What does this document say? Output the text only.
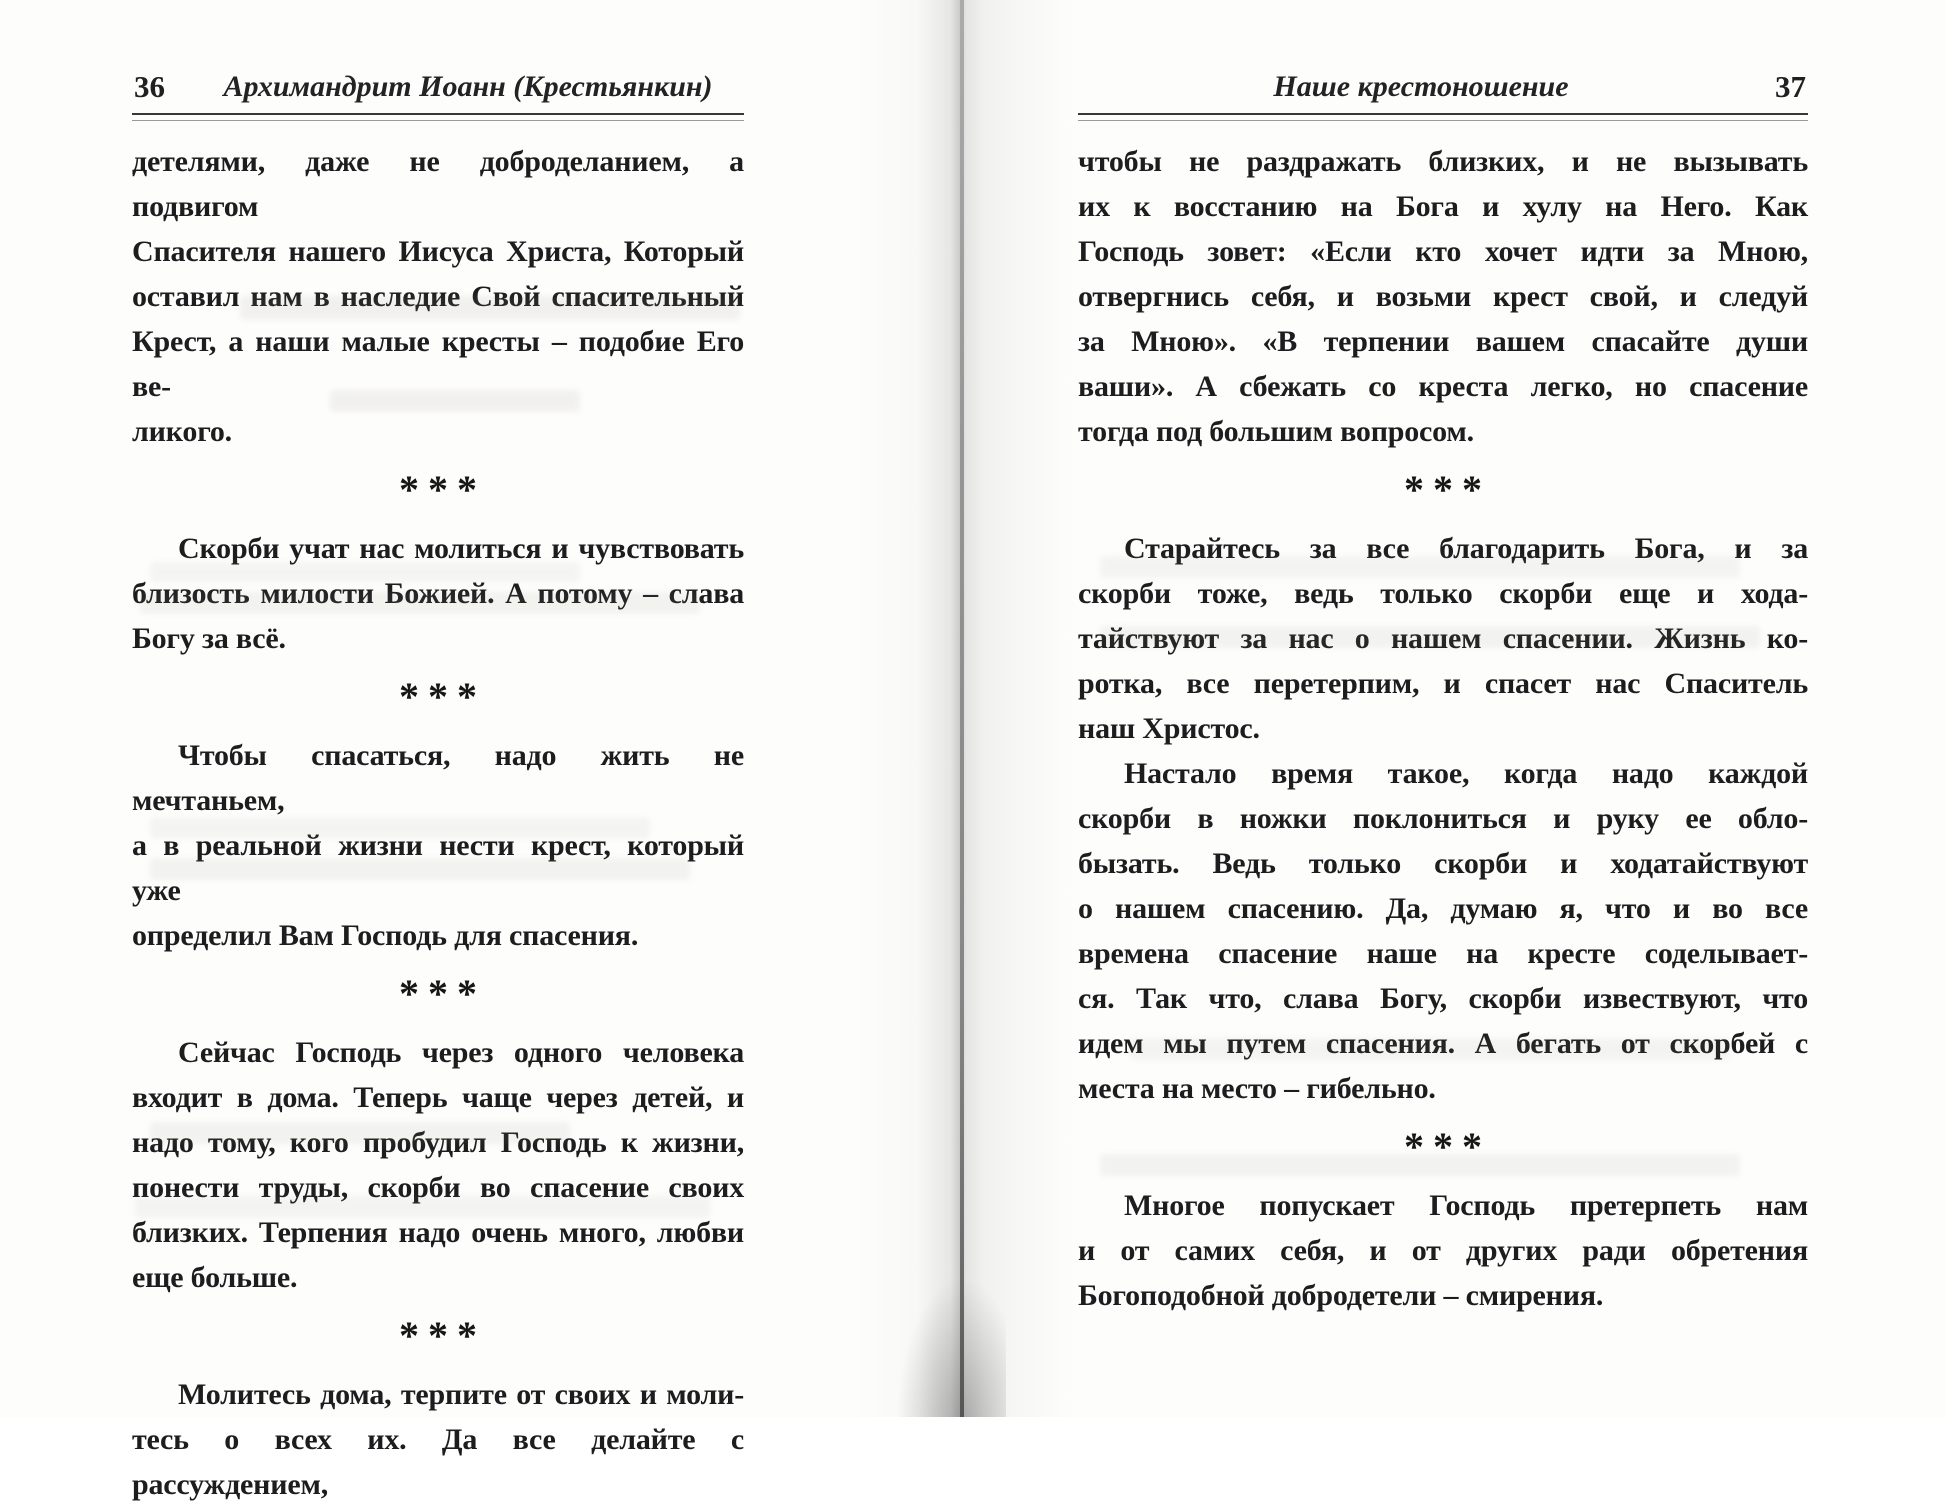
36	Архимандрит Иоанн (Крестьянкин)
детелями, даже не доброделанием, а подвигом
Спасителя нашего Иисуса Христа, Который
оставил нам в наследие Свой спасительный
Крест, а наши малые кресты – подобие Его ве-
ликого.
***
Скорби учат нас молиться и чувствовать
близость милости Божией. А потому – слава
Богу за всё.
***
Чтобы спасаться, надо жить не мечтаньем,
а в реальной жизни нести крест, который уже
определил Вам Господь для спасения.
***
Сейчас Господь через одного человека
входит в дома. Теперь чаще через детей, и
надо тому, кого пробудил Господь к жизни,
понести труды, скорби во спасение своих
близких. Терпения надо очень много, любви
еще больше.
***
Молитесь дома, терпите от своих и моли-
тесь о всех их. Да все делайте с рассуждением,
Наше крестоношение	37
чтобы не раздражать близких, и не вызывать
их к восстанию на Бога и хулу на Него. Как
Господь зовет: «Если кто хочет идти за Мною,
отвергнись себя, и возьми крест свой, и следуй
за Мною». «В терпении вашем спасайте души
ваши». А сбежать со креста легко, но спасение
тогда под большим вопросом.
***
Старайтесь за все благодарить Бога, и за
скорби тоже, ведь только скорби еще и хода-
тайствуют за нас о нашем спасении. Жизнь ко-
ротка, все перетерпим, и спасет нас Спаситель
наш Христос.
Настало время такое, когда надо каждой
скорби в ножки поклониться и руку ее обло-
бызать. Ведь только скорби и ходатайствуют
о нашем спасению. Да, думаю я, что и во все
времена спасение наше на кресте соделывает-
ся. Так что, слава Богу, скорби извествуют, что
идем мы путем спасения. А бегать от скорбей с
места на место – гибельно.
***
Многое попускает Господь претерпеть нам
и от самих себя, и от других ради обретения
Богоподобной добродетели – смирения.
